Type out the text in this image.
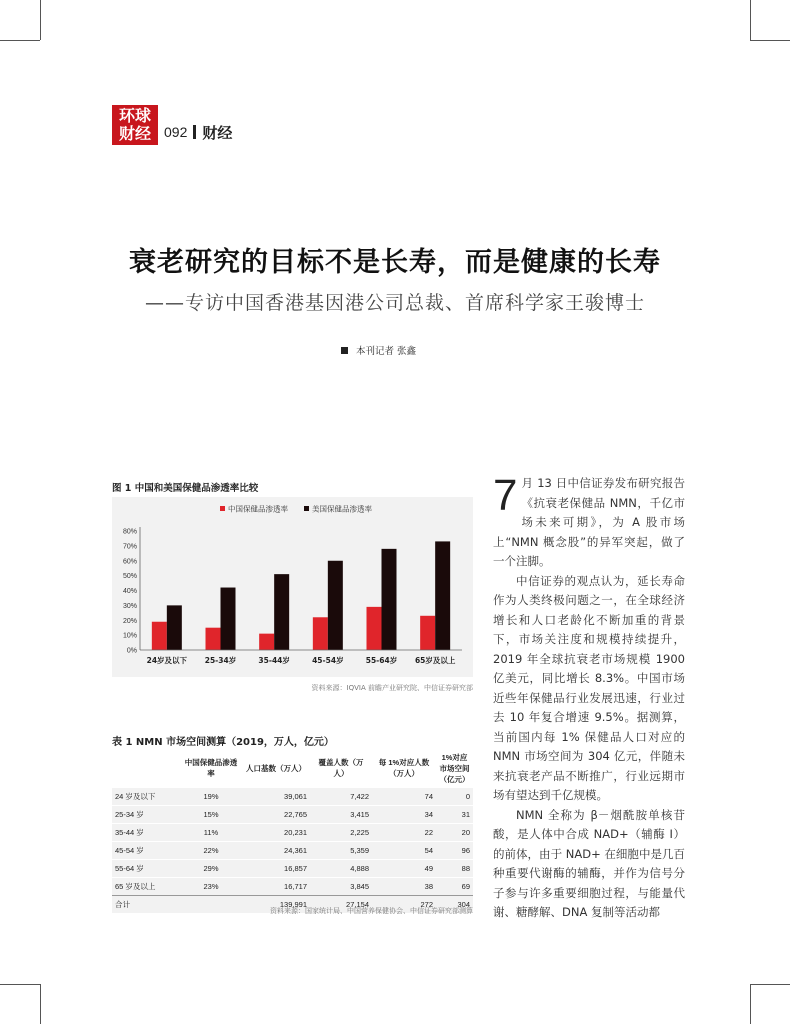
环球
财经 092 财经
衰老研究的目标不是长寿，而是健康的长寿
——专访中国香港基因港公司总裁、首席科学家王骏博士
本刊记者 张鑫
图 1 中国和美国保健品渗透率比较
中国保健品渗透率	美国保健品渗透率
0%
10%
20%
30%
40%
50%
60%
70%
80%
24岁及以下 25-34岁	35-44岁	45-54岁	55-64岁 65岁及以上
资料来源：IQVIA 前瞻产业研究院、中信证券研究部
表 1 NMN 市场空间测算（2019，万人，亿元）
	中国保健品渗透率	人口基数（万人）	覆盖人数（万人）	每 1%对应人数（万人）	1%对应市场空间（亿元）
24 岁及以下	19%	39,061	7,422	74	0
25-34 岁	15%	22,765	3,415	34	31
35-44 岁	11%	20,231	2,225	22	20
45-54 岁	22%	24,361	5,359	54	96
55-64 岁	29%	16,857	4,888	49	88
65 岁及以上	23%	16,717	3,845	38	69
合计		139,991	27,154	272	304
资料来源：国家统计局、中国营养保健协会、中信证券研究部测算

7 月 13 日中信证券发布研究报告《抗衰老保健品 NMN，千亿市场未来可期》，为 A 股市场上“NMN 概念股”的异军突起，做了一个注脚。

中信证券的观点认为，延长寿命作为人类终极问题之一，在全球经济增长和人口老龄化不断加重的背景下，市场关注度和规模持续提升，2019 年全球抗衰老市场规模 1900 亿美元，同比增长 8.3%。中国市场近些年保健品行业发展迅速，行业过去 10 年复合增速 9.5%。据测算，当前国内每 1% 保健品人口对应的 NMN 市场空间为 304 亿元，伴随未来抗衰老产品不断推广，行业远期市场有望达到千亿规模。

NMN 全称为 β－烟酰胺单核苷酸，是人体中合成 NAD+（辅酶 I）的前体，由于 NAD+ 在细胞中是几百种重要代谢酶的辅酶，并作为信号分子参与许多重要细胞过程，与能量代谢、糖酵解、DNA 复制等活动都
